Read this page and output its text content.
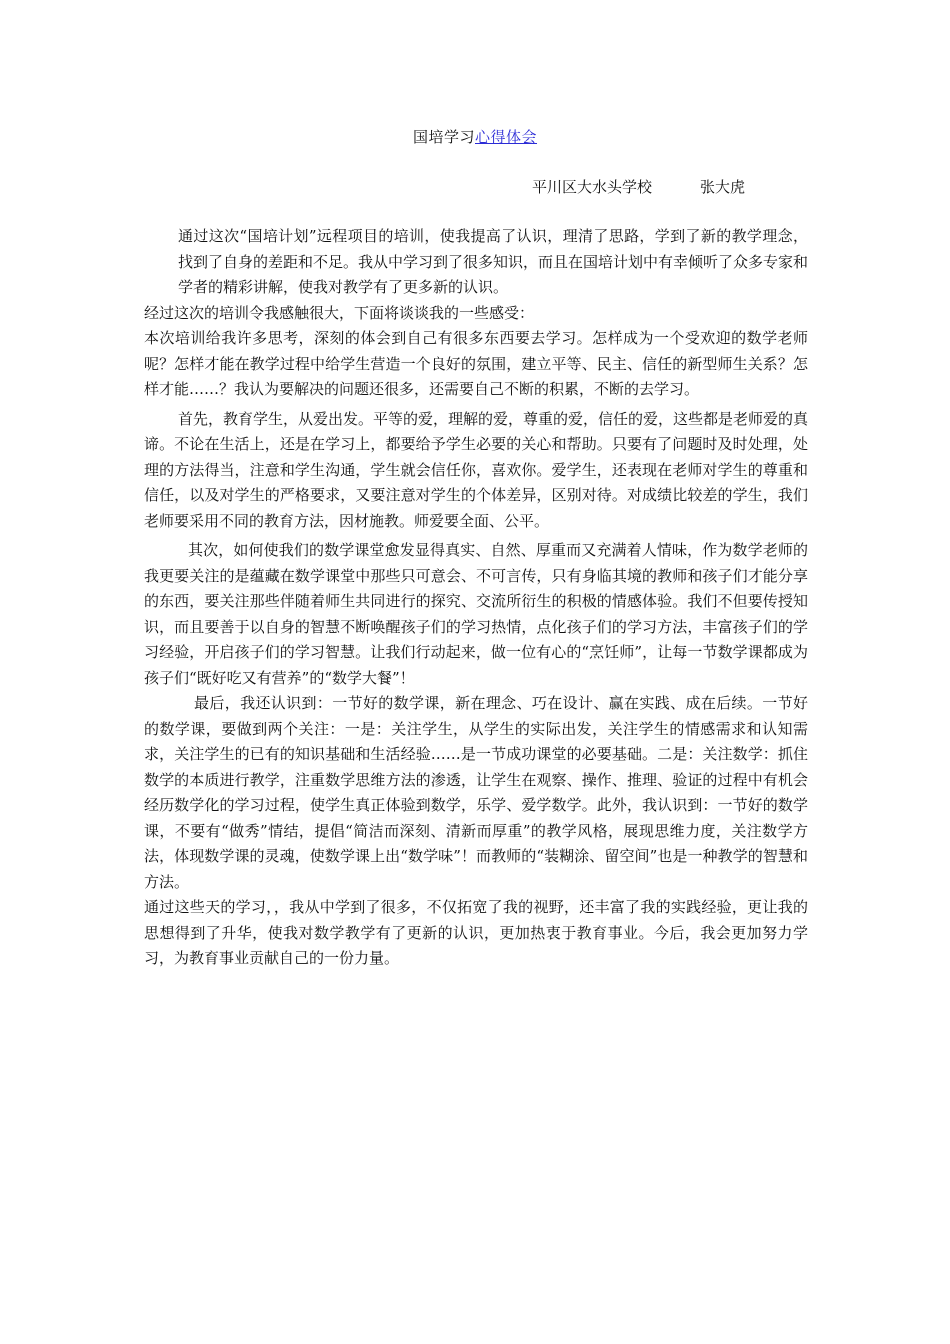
国培学习心得体会
平川区大水头学校	张大虎

通过这次“国培计划”远程项目的培训，使我提高了认识，理清了思路，学到了新的教学理念，找到了自身的差距和不足。我从中学习到了很多知识，而且在国培计划中有幸倾听了众多专家和学者的精彩讲解，使我对教学有了更多新的认识。

经过这次的培训令我感触很大，下面将谈谈我的一些感受：

本次培训给我许多思考，深刻的体会到自己有很多东西要去学习。怎样成为一个受欢迎的数学老师呢？怎样才能在教学过程中给学生营造一个良好的氛围，建立平等、民主、信任的新型师生关系？怎样才能……？我认为要解决的问题还很多，还需要自己不断的积累，不断的去学习。

首先，教育学生，从爱出发。平等的爱，理解的爱，尊重的爱，信任的爱，这些都是老师爱的真谛。不论在生活上，还是在学习上，都要给予学生必要的关心和帮助。只要有了问题时及时处理，处理的方法得当，注意和学生沟通，学生就会信任你，喜欢你。爱学生，还表现在老师对学生的尊重和信任，以及对学生的严格要求，又要注意对学生的个体差异，区别对待。对成绩比较差的学生，我们老师要采用不同的教育方法，因材施教。师爱要全面、公平。

其次，如何使我们的数学课堂愈发显得真实、自然、厚重而又充满着人情味，作为数学老师的我更要关注的是蕴藏在数学课堂中那些只可意会、不可言传，只有身临其境的教师和孩子们才能分享的东西，要关注那些伴随着师生共同进行的探究、交流所衍生的积极的情感体验。我们不但要传授知识，而且要善于以自身的智慧不断唤醒孩子们的学习热情，点化孩子们的学习方法，丰富孩子们的学习经验，开启孩子们的学习智慧。让我们行动起来，做一位有心的“烹饪师”，让每一节数学课都成为孩子们“既好吃又有营养”的“数学大餐”！

最后，我还认识到：一节好的数学课，新在理念、巧在设计、赢在实践、成在后续。一节好的数学课，要做到两个关注：一是：关注学生，从学生的实际出发，关注学生的情感需求和认知需求，关注学生的已有的知识基础和生活经验……是一节成功课堂的必要基础。二是：关注数学：抓住数学的本质进行教学，注重数学思维方法的渗透，让学生在观察、操作、推理、验证的过程中有机会经历数学化的学习过程，使学生真正体验到数学，乐学、爱学数学。此外，我认识到：一节好的数学课，不要有“做秀”情结，提倡“简洁而深刻、清新而厚重”的教学风格，展现思维力度，关注数学方法，体现数学课的灵魂，使数学课上出“数学味”！而教师的“装糊涂、留空间”也是一种教学的智慧和方法。

通过这些天的学习，，我从中学到了很多，不仅拓宽了我的视野，还丰富了我的实践经验，更让我的思想得到了升华，使我对数学教学有了更新的认识，更加热衷于教育事业。今后，我会更加努力学习，为教育事业贡献自己的一份力量。
